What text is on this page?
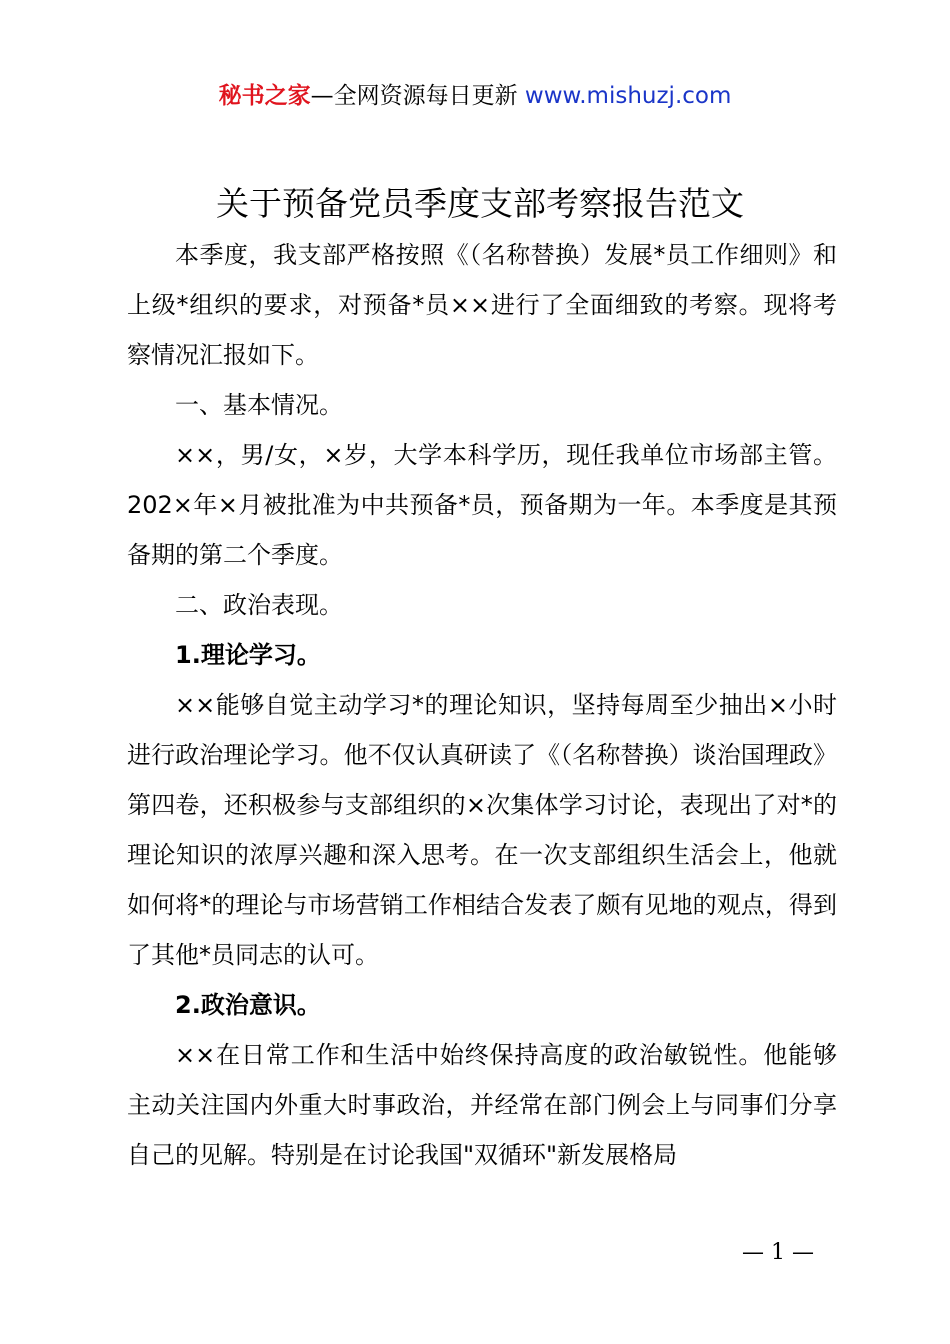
秘书之家—全网资源每日更新 www.mishuzj.com
关于预备党员季度支部考察报告范文

本季度，我支部严格按照《（名称替换）发展*员工作细则》和上级*组织的要求，对预备*员××进行了全面细致的考察。现将考察情况汇报如下。

一、基本情况。

××，男/女，×岁，大学本科学历，现任我单位市场部主管。202×年×月被批准为中共预备*员，预备期为一年。本季度是其预备期的第二个季度。

二、政治表现。

1.理论学习。

××能够自觉主动学习*的理论知识，坚持每周至少抽出×小时进行政治理论学习。他不仅认真研读了《（名称替换）谈治国理政》第四卷，还积极参与支部组织的×次集体学习讨论，表现出了对*的理论知识的浓厚兴趣和深入思考。在一次支部组织生活会上，他就如何将*的理论与市场营销工作相结合发表了颇有见地的观点，得到了其他*员同志的认可。

2.政治意识。

××在日常工作和生活中始终保持高度的政治敏锐性。他能够主动关注国内外重大时事政治，并经常在部门例会上与同事们分享自己的见解。特别是在讨论我国"双循环"新发展格局

— 1 —
